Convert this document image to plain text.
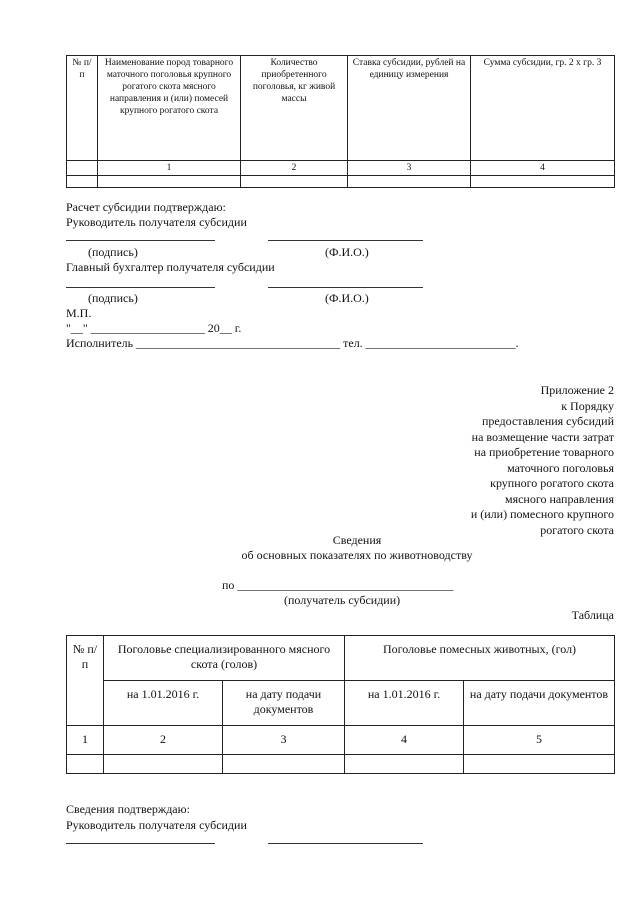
№ п/п	Наименование пород товарного маточного поголовья крупного рогатого скота мясного направления и (или) помесей крупного рогатого скота	Количество приобретенного поголовья, кг живой массы	Ставка субсидии, рублей на единицу измерения	Сумма субсидии, гр. 2 х гр. 3
	1	2	3	4

Расчет субсидии подтверждаю:
Руководитель получателя субсидии
(подпись)	(Ф.И.О.)
Главный бухгалтер получателя субсидии
(подпись)	(Ф.И.О.)
М.П.
"__" ___________________ 20__ г.
Исполнитель __________________________________ тел. _________________________.
Приложение 2
к Порядку
предоставления субсидий
на возмещение части затрат
на приобретение товарного
маточного поголовья
крупного рогатого скота
мясного направления
и (или) помесного крупного
рогатого скота
Сведения
об основных показателях по животноводству
по ____________________________________
(получатель субсидии)
Таблица
№ п/п	Поголовье специализированного мясного скота (голов)		Поголовье помесных животных, (гол)	
	на 1.01.2016 г.	на дату подачи документов	на 1.01.2016 г.	на дату подачи документов
1	2	3	4	5

Сведения подтверждаю:
Руководитель получателя субсидии
